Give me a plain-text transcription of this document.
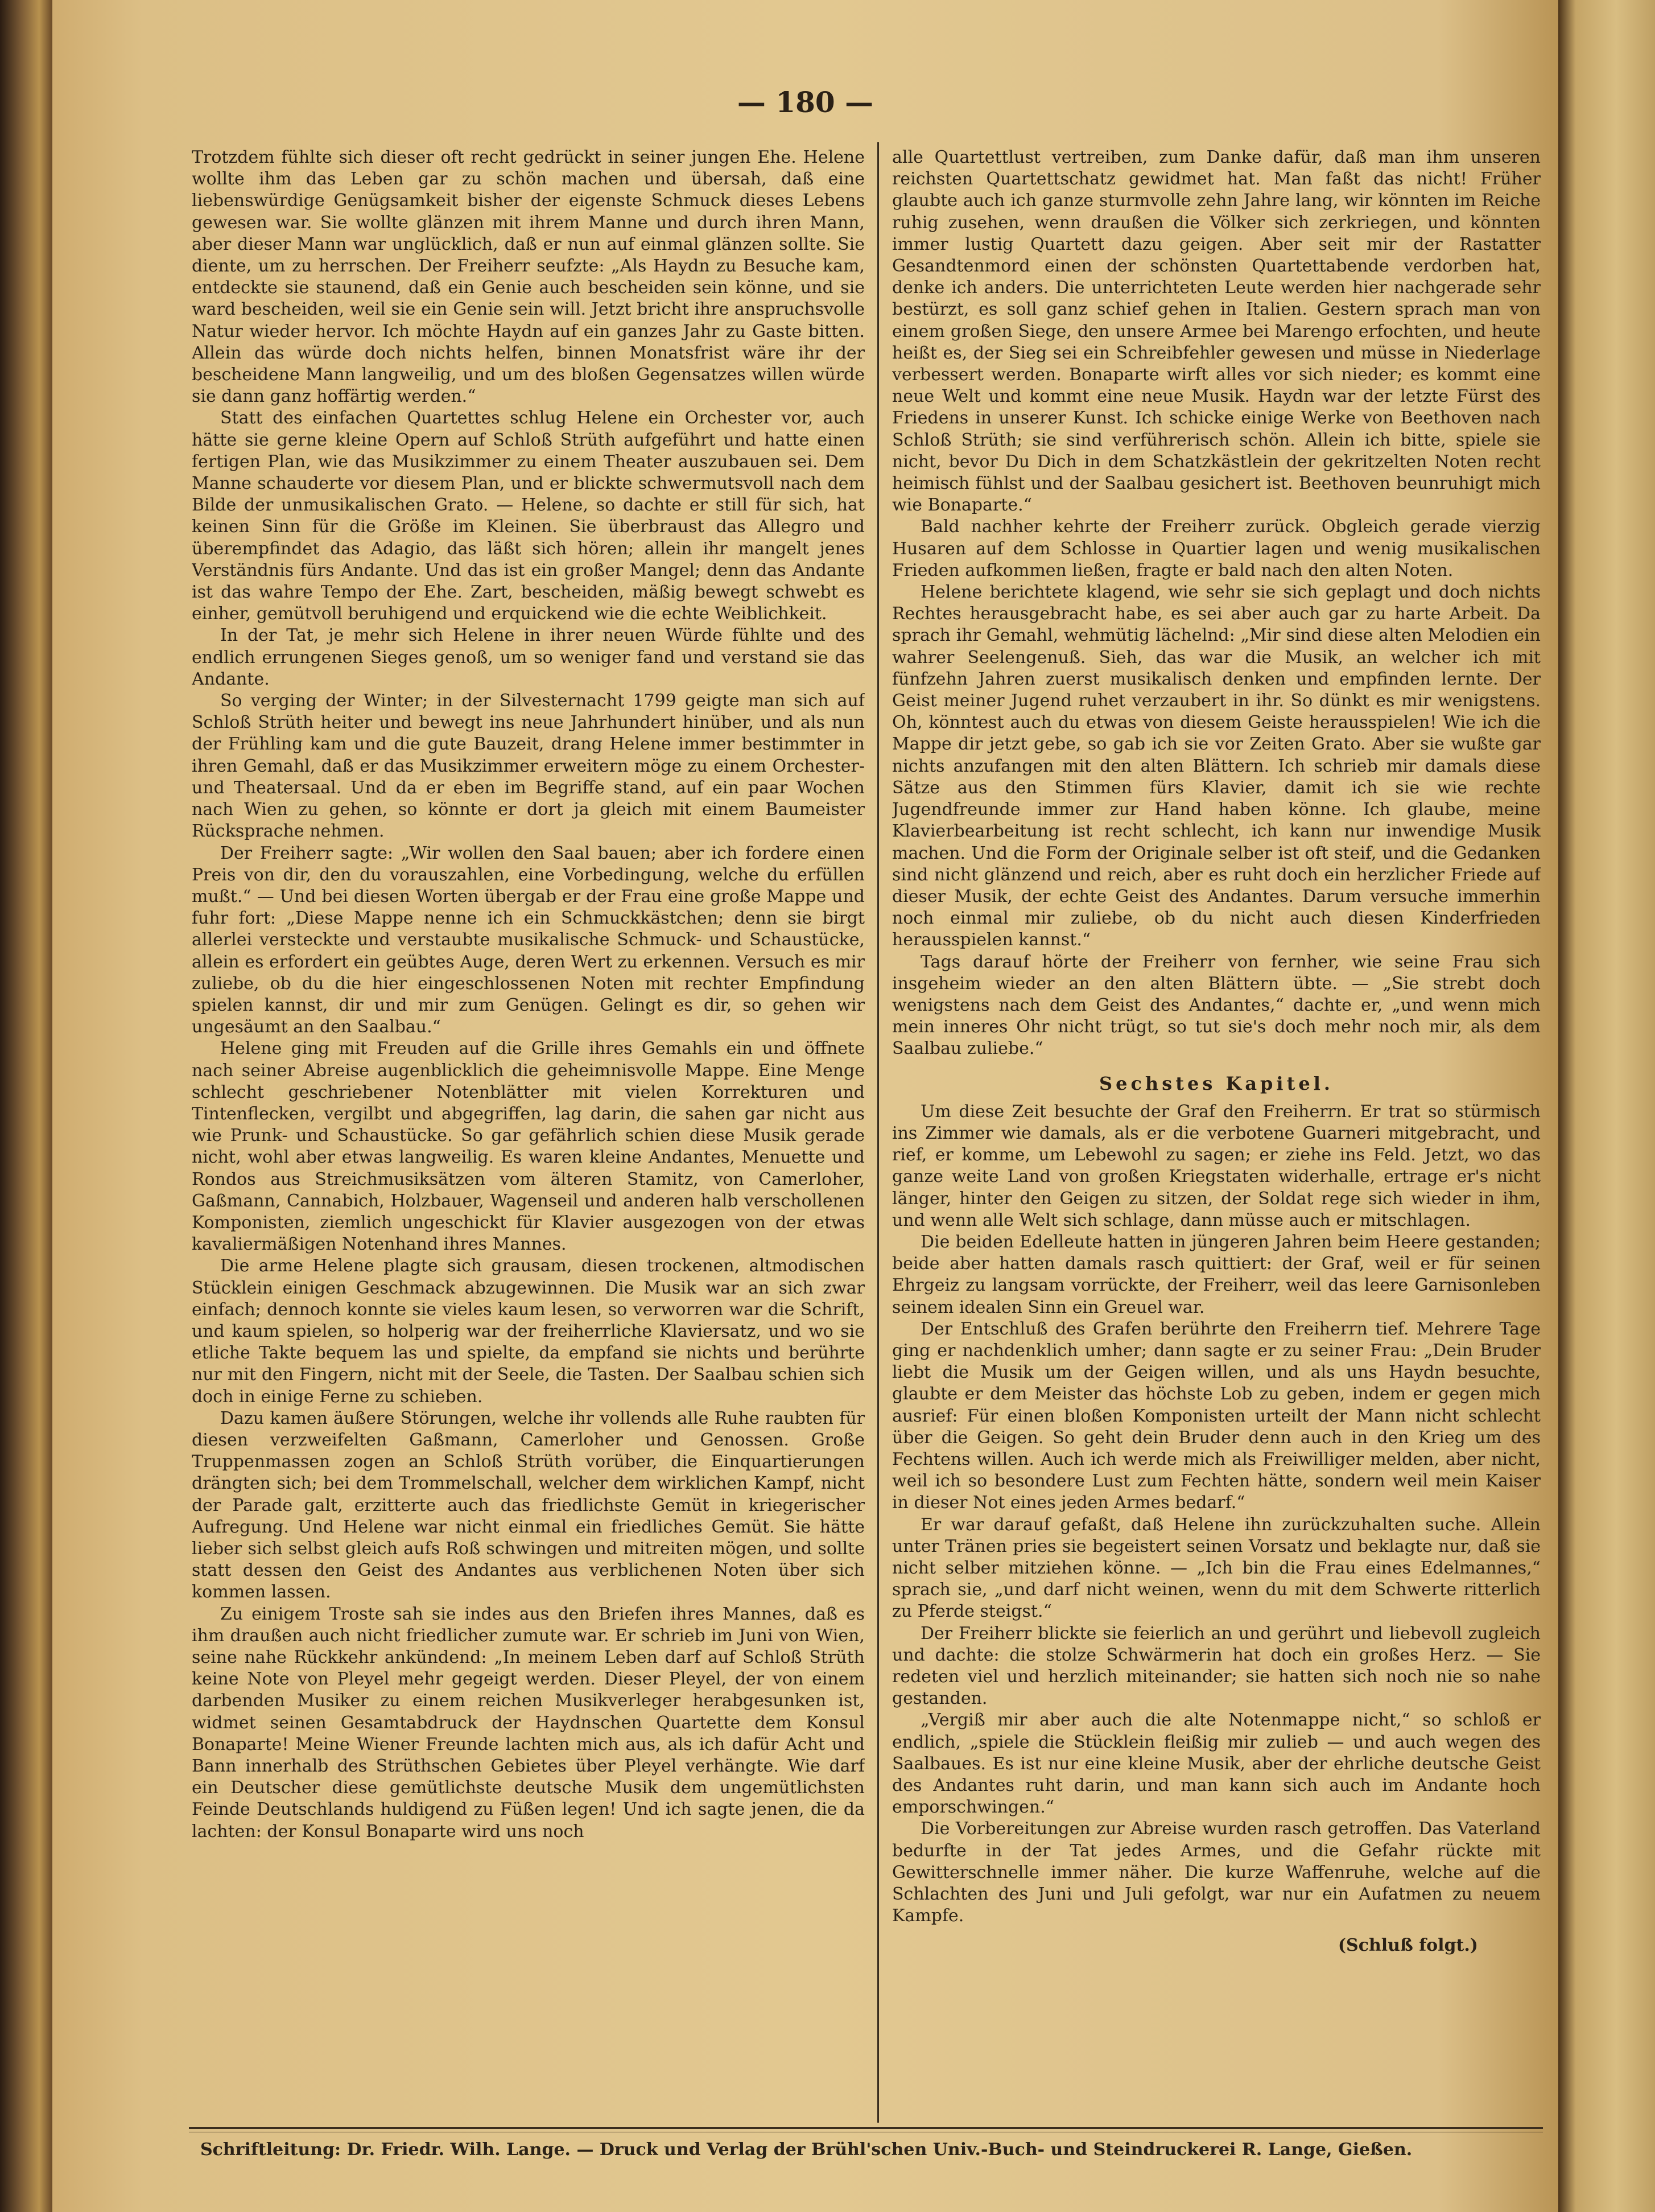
— 180 —

Trotzdem fühlte sich dieser oft recht gedrückt in seiner jungen Ehe. Helene wollte ihm das Leben gar zu schön machen und übersah, daß eine liebenswürdige Genügsamkeit bisher der eigenste Schmuck dieses Lebens gewesen war. Sie wollte glänzen mit ihrem Manne und durch ihren Mann, aber dieser Mann war unglücklich, daß er nun auf einmal glänzen sollte. Sie diente, um zu herrschen. Der Freiherr seufzte: „Als Haydn zu Besuche kam, entdeckte sie staunend, daß ein Genie auch bescheiden sein könne, und sie ward bescheiden, weil sie ein Genie sein will. Jetzt bricht ihre anspruchsvolle Natur wieder hervor. Ich möchte Haydn auf ein ganzes Jahr zu Gaste bitten. Allein das würde doch nichts helfen, binnen Monatsfrist wäre ihr der bescheidene Mann langweilig, und um des bloßen Gegensatzes willen würde sie dann ganz hoffärtig werden.“

Statt des einfachen Quartettes schlug Helene ein Orchester vor, auch hätte sie gerne kleine Opern auf Schloß Strüth aufgeführt und hatte einen fertigen Plan, wie das Musikzimmer zu einem Theater auszubauen sei. Dem Manne schauderte vor diesem Plan, und er blickte schwermutsvoll nach dem Bilde der unmusikalischen Grato. — Helene, so dachte er still für sich, hat keinen Sinn für die Größe im Kleinen. Sie überbraust das Allegro und überempfindet das Adagio, das läßt sich hören; allein ihr mangelt jenes Verständnis fürs Andante. Und das ist ein großer Mangel; denn das Andante ist das wahre Tempo der Ehe. Zart, bescheiden, mäßig bewegt schwebt es einher, gemütvoll beruhigend und erquickend wie die echte Weiblichkeit.

In der Tat, je mehr sich Helene in ihrer neuen Würde fühlte und des endlich errungenen Sieges genoß, um so weniger fand und verstand sie das Andante.

So verging der Winter; in der Silvesternacht 1799 geigte man sich auf Schloß Strüth heiter und bewegt ins neue Jahrhundert hinüber, und als nun der Frühling kam und die gute Bauzeit, drang Helene immer bestimmter in ihren Gemahl, daß er das Musikzimmer erweitern möge zu einem Orchester- und Theatersaal. Und da er eben im Begriffe stand, auf ein paar Wochen nach Wien zu gehen, so könnte er dort ja gleich mit einem Baumeister Rücksprache nehmen.

Der Freiherr sagte: „Wir wollen den Saal bauen; aber ich fordere einen Preis von dir, den du vorauszahlen, eine Vorbedingung, welche du erfüllen mußt.“ — Und bei diesen Worten übergab er der Frau eine große Mappe und fuhr fort: „Diese Mappe nenne ich ein Schmuckkästchen; denn sie birgt allerlei versteckte und verstaubte musikalische Schmuck- und Schaustücke, allein es erfordert ein geübtes Auge, deren Wert zu erkennen. Versuch es mir zuliebe, ob du die hier eingeschlossenen Noten mit rechter Empfindung spielen kannst, dir und mir zum Genügen. Gelingt es dir, so gehen wir ungesäumt an den Saalbau.“

Helene ging mit Freuden auf die Grille ihres Gemahls ein und öffnete nach seiner Abreise augenblicklich die geheimnisvolle Mappe. Eine Menge schlecht geschriebener Notenblätter mit vielen Korrekturen und Tintenflecken, vergilbt und abgegriffen, lag darin, die sahen gar nicht aus wie Prunk- und Schaustücke. So gar gefährlich schien diese Musik gerade nicht, wohl aber etwas langweilig. Es waren kleine Andantes, Menuette und Rondos aus Streichmusiksätzen vom älteren Stamitz, von Camerloher, Gaßmann, Cannabich, Holzbauer, Wagenseil und anderen halb verschollenen Komponisten, ziemlich ungeschickt für Klavier ausgezogen von der etwas kavaliermäßigen Notenhand ihres Mannes.

Die arme Helene plagte sich grausam, diesen trockenen, altmodischen Stücklein einigen Geschmack abzugewinnen. Die Musik war an sich zwar einfach; dennoch konnte sie vieles kaum lesen, so verworren war die Schrift, und kaum spielen, so holperig war der freiherrliche Klaviersatz, und wo sie etliche Takte bequem las und spielte, da empfand sie nichts und berührte nur mit den Fingern, nicht mit der Seele, die Tasten. Der Saalbau schien sich doch in einige Ferne zu schieben.

Dazu kamen äußere Störungen, welche ihr vollends alle Ruhe raubten für diesen verzweifelten Gaßmann, Camerloher und Genossen. Große Truppenmassen zogen an Schloß Strüth vorüber, die Einquartierungen drängten sich; bei dem Trommelschall, welcher dem wirklichen Kampf, nicht der Parade galt, erzitterte auch das friedlichste Gemüt in kriegerischer Aufregung. Und Helene war nicht einmal ein friedliches Gemüt. Sie hätte lieber sich selbst gleich aufs Roß schwingen und mitreiten mögen, und sollte statt dessen den Geist des Andantes aus verblichenen Noten über sich kommen lassen.

Zu einigem Troste sah sie indes aus den Briefen ihres Mannes, daß es ihm draußen auch nicht friedlicher zumute war. Er schrieb im Juni von Wien, seine nahe Rückkehr ankündend: „In meinem Leben darf auf Schloß Strüth keine Note von Pleyel mehr gegeigt werden. Dieser Pleyel, der von einem darbenden Musiker zu einem reichen Musikverleger herabgesunken ist, widmet seinen Gesamtabdruck der Haydnschen Quartette dem Konsul Bonaparte! Meine Wiener Freunde lachten mich aus, als ich dafür Acht und Bann innerhalb des Strüthschen Gebietes über Pleyel verhängte. Wie darf ein Deutscher diese gemütlichste deutsche Musik dem ungemütlichsten Feinde Deutschlands huldigend zu Füßen legen! Und ich sagte jenen, die da lachten: der Konsul Bonaparte wird uns noch

alle Quartettlust vertreiben, zum Danke dafür, daß man ihm unseren reichsten Quartettschatz gewidmet hat. Man faßt das nicht! Früher glaubte auch ich ganze sturmvolle zehn Jahre lang, wir könnten im Reiche ruhig zusehen, wenn draußen die Völker sich zerkriegen, und könnten immer lustig Quartett dazu geigen. Aber seit mir der Rastatter Gesandtenmord einen der schönsten Quartettabende verdorben hat, denke ich anders. Die unterrichteten Leute werden hier nachgerade sehr bestürzt, es soll ganz schief gehen in Italien. Gestern sprach man von einem großen Siege, den unsere Armee bei Marengo erfochten, und heute heißt es, der Sieg sei ein Schreibfehler gewesen und müsse in Niederlage verbessert werden. Bonaparte wirft alles vor sich nieder; es kommt eine neue Welt und kommt eine neue Musik. Haydn war der letzte Fürst des Friedens in unserer Kunst. Ich schicke einige Werke von Beethoven nach Schloß Strüth; sie sind verführerisch schön. Allein ich bitte, spiele sie nicht, bevor Du Dich in dem Schatzkästlein der gekritzelten Noten recht heimisch fühlst und der Saalbau gesichert ist. Beethoven beunruhigt mich wie Bonaparte.“

Bald nachher kehrte der Freiherr zurück. Obgleich gerade vierzig Husaren auf dem Schlosse in Quartier lagen und wenig musikalischen Frieden aufkommen ließen, fragte er bald nach den alten Noten.

Helene berichtete klagend, wie sehr sie sich geplagt und doch nichts Rechtes herausgebracht habe, es sei aber auch gar zu harte Arbeit. Da sprach ihr Gemahl, wehmütig lächelnd: „Mir sind diese alten Melodien ein wahrer Seelengenuß. Sieh, das war die Musik, an welcher ich mit fünfzehn Jahren zuerst musikalisch denken und empfinden lernte. Der Geist meiner Jugend ruhet verzaubert in ihr. So dünkt es mir wenigstens. Oh, könntest auch du etwas von diesem Geiste herausspielen! Wie ich die Mappe dir jetzt gebe, so gab ich sie vor Zeiten Grato. Aber sie wußte gar nichts anzufangen mit den alten Blättern. Ich schrieb mir damals diese Sätze aus den Stimmen fürs Klavier, damit ich sie wie rechte Jugendfreunde immer zur Hand haben könne. Ich glaube, meine Klavierbearbeitung ist recht schlecht, ich kann nur inwendige Musik machen. Und die Form der Originale selber ist oft steif, und die Gedanken sind nicht glänzend und reich, aber es ruht doch ein herzlicher Friede auf dieser Musik, der echte Geist des Andantes. Darum versuche immerhin noch einmal mir zuliebe, ob du nicht auch diesen Kinderfrieden herausspielen kannst.“

Tags darauf hörte der Freiherr von fernher, wie seine Frau sich insgeheim wieder an den alten Blättern übte. — „Sie strebt doch wenigstens nach dem Geist des Andantes,“ dachte er, „und wenn mich mein inneres Ohr nicht trügt, so tut sie's doch mehr noch mir, als dem Saalbau zuliebe.“

Sechstes Kapitel.

Um diese Zeit besuchte der Graf den Freiherrn. Er trat so stürmisch ins Zimmer wie damals, als er die verbotene Guarneri mitgebracht, und rief, er komme, um Lebewohl zu sagen; er ziehe ins Feld. Jetzt, wo das ganze weite Land von großen Kriegstaten widerhalle, ertrage er's nicht länger, hinter den Geigen zu sitzen, der Soldat rege sich wieder in ihm, und wenn alle Welt sich schlage, dann müsse auch er mitschlagen.

Die beiden Edelleute hatten in jüngeren Jahren beim Heere gestanden; beide aber hatten damals rasch quittiert: der Graf, weil er für seinen Ehrgeiz zu langsam vorrückte, der Freiherr, weil das leere Garnisonleben seinem idealen Sinn ein Greuel war.

Der Entschluß des Grafen berührte den Freiherrn tief. Mehrere Tage ging er nachdenklich umher; dann sagte er zu seiner Frau: „Dein Bruder liebt die Musik um der Geigen willen, und als uns Haydn besuchte, glaubte er dem Meister das höchste Lob zu geben, indem er gegen mich ausrief: Für einen bloßen Komponisten urteilt der Mann nicht schlecht über die Geigen. So geht dein Bruder denn auch in den Krieg um des Fechtens willen. Auch ich werde mich als Freiwilliger melden, aber nicht, weil ich so besondere Lust zum Fechten hätte, sondern weil mein Kaiser in dieser Not eines jeden Armes bedarf.“

Er war darauf gefaßt, daß Helene ihn zurückzuhalten suche. Allein unter Tränen pries sie begeistert seinen Vorsatz und beklagte nur, daß sie nicht selber mitziehen könne. — „Ich bin die Frau eines Edelmannes,“ sprach sie, „und darf nicht weinen, wenn du mit dem Schwerte ritterlich zu Pferde steigst.“

Der Freiherr blickte sie feierlich an und gerührt und liebevoll zugleich und dachte: die stolze Schwärmerin hat doch ein großes Herz. — Sie redeten viel und herzlich miteinander; sie hatten sich noch nie so nahe gestanden.

„Vergiß mir aber auch die alte Notenmappe nicht,“ so schloß er endlich, „spiele die Stücklein fleißig mir zulieb — und auch wegen des Saalbaues. Es ist nur eine kleine Musik, aber der ehrliche deutsche Geist des Andantes ruht darin, und man kann sich auch im Andante hoch emporschwingen.“

Die Vorbereitungen zur Abreise wurden rasch getroffen. Das Vaterland bedurfte in der Tat jedes Armes, und die Gefahr rückte mit Gewitterschnelle immer näher. Die kurze Waffenruhe, welche auf die Schlachten des Juni und Juli gefolgt, war nur ein Aufatmen zu neuem Kampfe.

(Schluß folgt.)
Schriftleitung: Dr. Friedr. Wilh. Lange. — Druck und Verlag der Brühl'schen Univ.-Buch- und Steindruckerei R. Lange, Gießen.
